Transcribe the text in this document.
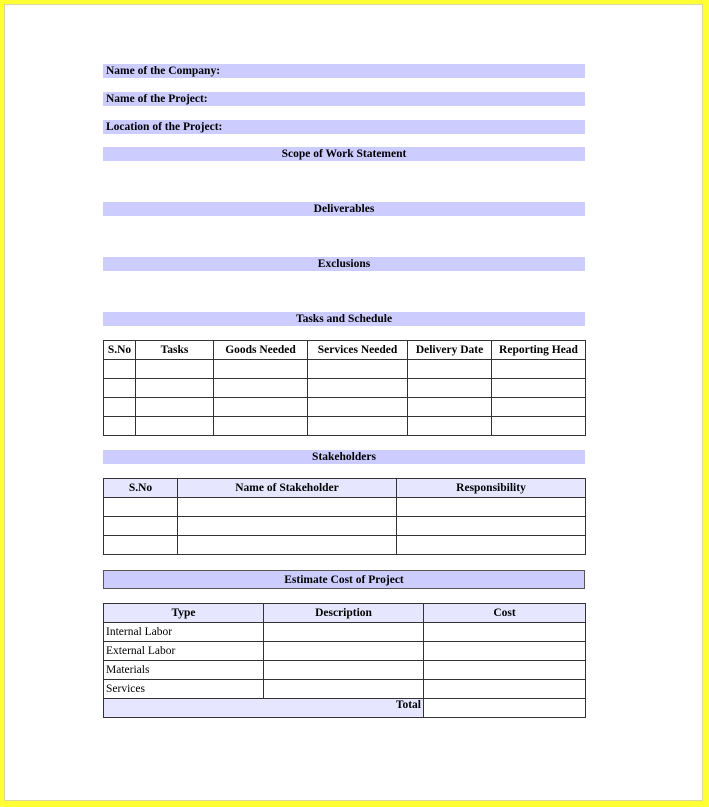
Name of the Company:
Name of the Project:
Location of the Project:
Scope of Work Statement
Deliverables
Exclusions
Tasks and Schedule
S.No	Tasks	Goods Needed	Services Needed	Delivery Date	Reporting Head

Stakeholders
S.No	Name of Stakeholder	Responsibility

Estimate Cost of Project
Type	Description	Cost
Internal Labor		
External Labor		
Materials		
Services		
Total		
